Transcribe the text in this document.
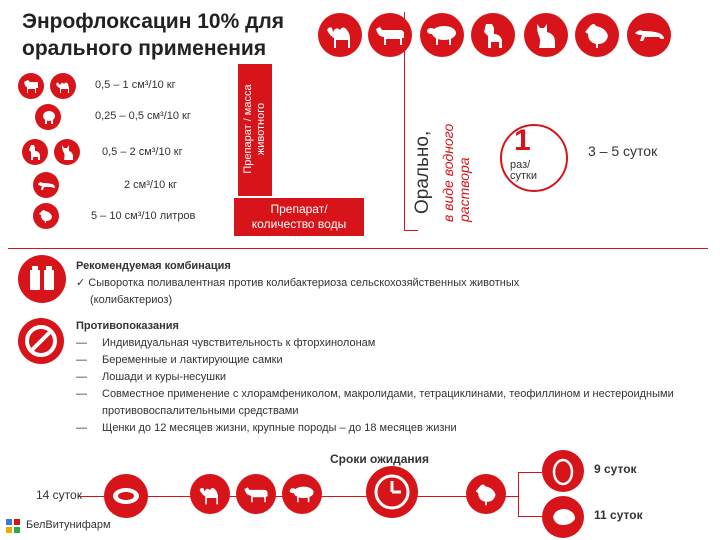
Энрофлоксацин 10% для
орального применения
0,5 – 1 см³/10 кг
0,25 – 0,5 см³/10 кг
0,5 – 2 см³/10 кг
2 см³/10 кг
5 – 10 см³/10 литров
Препарат / масса животного
Препарат/
количество воды
Орально, в виде водного раствора
1
раз/
сутки
3 – 5 суток
Рекомендуемая комбинация
✓ Сыворотка поливалентная против колибактериоза сельскохозяйственных животных
(колибактериоз)
Противопоказания
— Индивидуальная чувствительность к фторхинолонам
— Беременные и лактирующие самки
— Лошади и куры-несушки
— Совместное применение с хлорамфениколом, макролидами, тетрациклинами, теофиллином и нестероидными противовоспалительными средствами
— Щенки до 12 месяцев жизни, крупные породы – до 18 месяцев жизни
Сроки ожидания
14 суток
9 суток
11 суток
БелВитунифарм
